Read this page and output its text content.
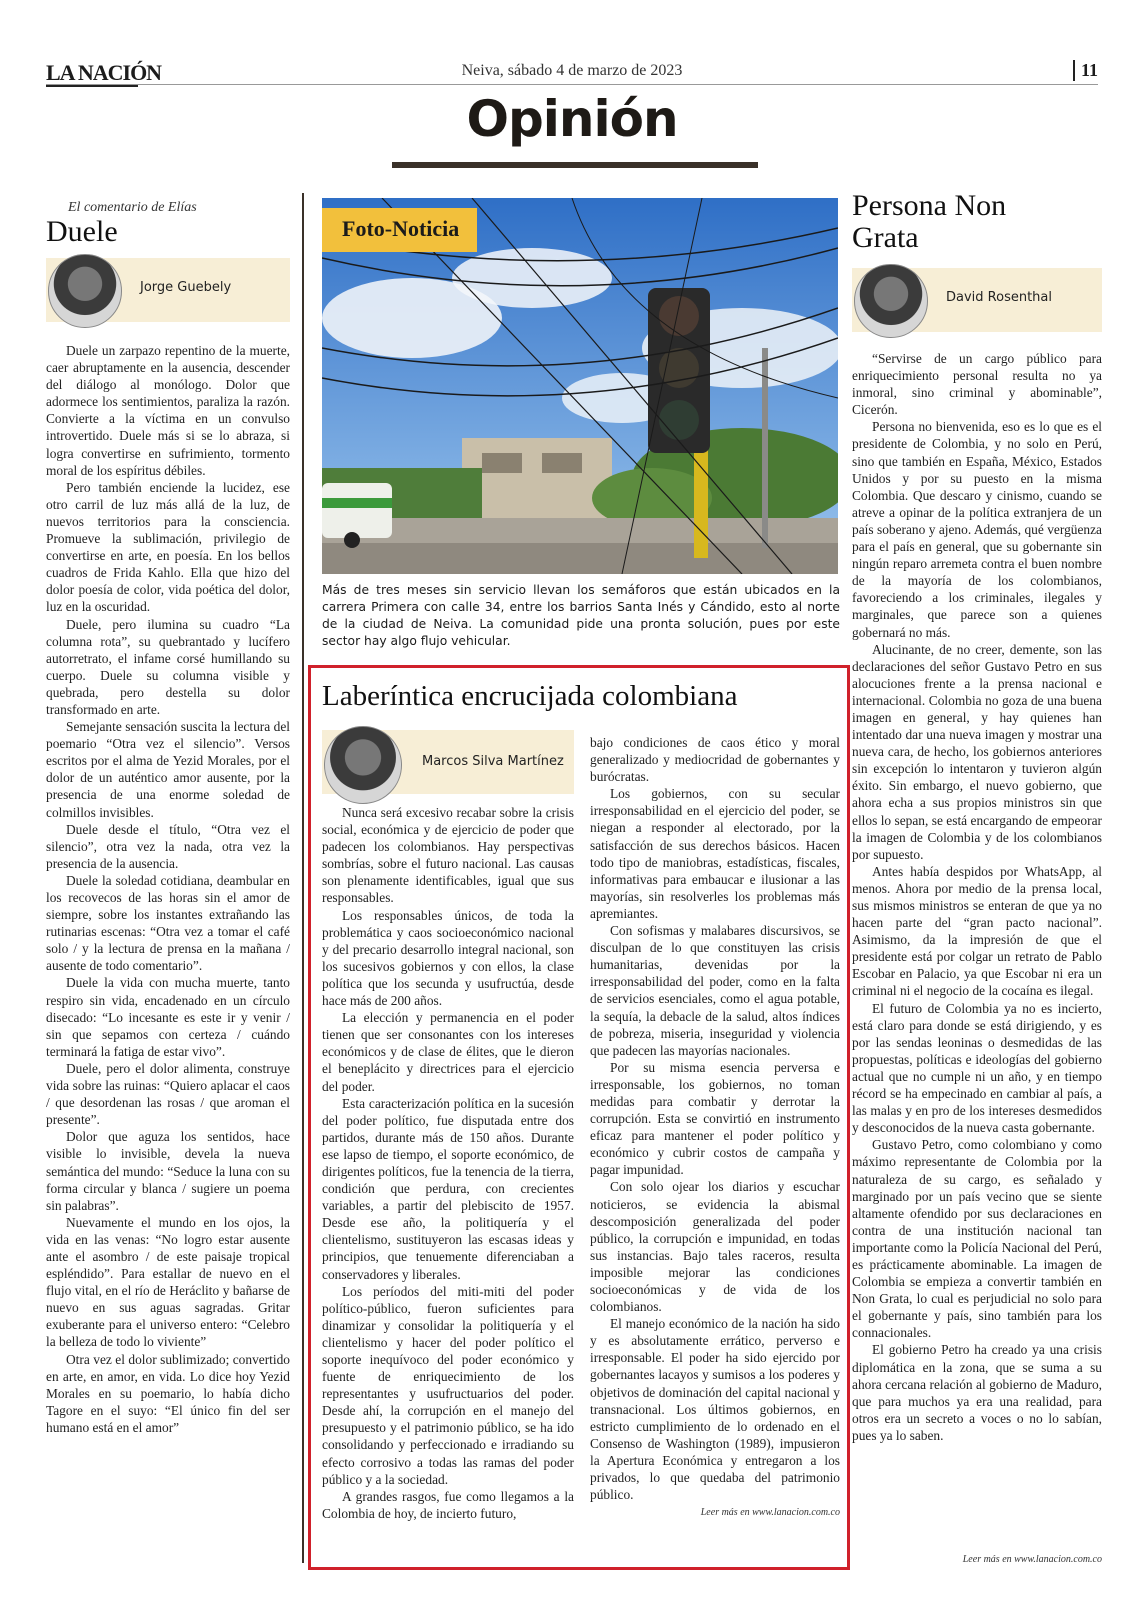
LA NACIÓN	Neiva, sábado 4 de marzo de 2023	11
Opinión
El comentario de Elías
Duele
Jorge Guebely

Duele un zarpazo repentino de la muerte, caer abruptamente en la ausencia, descender del diálogo al monólogo. Dolor que adormece los sentimientos, paraliza la razón. Convierte a la víctima en un convulso introvertido. Duele más si se lo abraza, si logra convertirse en sufrimiento, tormento moral de los espíritus débiles.

Pero también enciende la lucidez, ese otro carril de luz más allá de la luz, de nuevos territorios para la consciencia. Promueve la sublimación, privilegio de convertirse en arte, en poesía. En los bellos cuadros de Frida Kahlo. Ella que hizo del dolor poesía de color, vida poética del dolor, luz en la oscuridad.

Duele, pero ilumina su cuadro “La columna rota”, su quebrantado y lucífero autorretrato, el infame corsé humillando su cuerpo. Duele su columna visible y quebrada, pero destella su dolor transformado en arte.

Semejante sensación suscita la lectura del poemario “Otra vez el silencio”. Versos escritos por el alma de Yezid Morales, por el dolor de un auténtico amor ausente, por la presencia de una enorme soledad de colmillos invisibles.

Duele desde el título, “Otra vez el silencio”, otra vez la nada, otra vez la presencia de la ausencia.

Duele la soledad cotidiana, deambular en los recovecos de las horas sin el amor de siempre, sobre los instantes extrañando las rutinarias escenas: “Otra vez a tomar el café solo / y la lectura de prensa en la mañana / ausente de todo comentario”.

Duele la vida con mucha muerte, tanto respiro sin vida, encadenado en un círculo disecado: “Lo incesante es este ir y venir / sin que sepamos con certeza / cuándo terminará la fatiga de estar vivo”.

Duele, pero el dolor alimenta, construye vida sobre las ruinas: “Quiero aplacar el caos / que desordenan las rosas / que aroman el presente”.

Dolor que aguza los sentidos, hace visible lo invisible, devela la nueva semántica del mundo: “Seduce la luna con su forma circular y blanca / sugiere un poema sin palabras”.

Nuevamente el mundo en los ojos, la vida en las venas: “No logro estar ausente ante el asombro / de este paisaje tropical espléndido”. Para estallar de nuevo en el flujo vital, en el río de Heráclito y bañarse de nuevo en sus aguas sagradas. Gritar exuberante para el universo entero: “Celebro la belleza de todo lo viviente”

Otra vez el dolor sublimizado; convertido en arte, en amor, en vida. Lo dice hoy Yezid Morales en su poemario, lo había dicho Tagore en el suyo: “El único fin del ser humano está en el amor”

Foto-Noticia
Más de tres meses sin servicio llevan los semáforos que están ubicados en la carrera Primera con calle 34, entre los barrios Santa Inés y Cándido, esto al norte de la ciudad de Neiva. La comunidad pide una pronta solución, pues por este sector hay algo flujo vehicular.
Laberíntica encrucijada colombiana
Marcos Silva Martínez

Nunca será excesivo recabar sobre la crisis social, económica y de ejercicio de poder que padecen los colombianos. Hay perspectivas sombrías, sobre el futuro nacional. Las causas son plenamente identificables, igual que sus responsables.

Los responsables únicos, de toda la problemática y caos socioeconómico nacional y del precario desarrollo integral nacional, son los sucesivos gobiernos y con ellos, la clase política que los secunda y usufructúa, desde hace más de 200 años.

La elección y permanencia en el poder tienen que ser consonantes con los intereses económicos y de clase de élites, que le dieron el beneplácito y directrices para el ejercicio del poder.

Esta caracterización política en la sucesión del poder político, fue disputada entre dos partidos, durante más de 150 años. Durante ese lapso de tiempo, el soporte económico, de dirigentes políticos, fue la tenencia de la tierra, condición que perdura, con crecientes variables, a partir del plebiscito de 1957. Desde ese año, la politiquería y el clientelismo, sustituyeron las escasas ideas y principios, que tenuemente diferenciaban a conservadores y liberales.

Los períodos del miti-miti del poder político-público, fueron suficientes para dinamizar y consolidar la politiquería y el clientelismo y hacer del poder político el soporte inequívoco del poder económico y fuente de enriquecimiento de los representantes y usufructuarios del poder. Desde ahí, la corrupción en el manejo del presupuesto y el patrimonio público, se ha ido consolidando y perfeccionado e irradiando su efecto corrosivo a todas las ramas del poder público y a la sociedad.

A grandes rasgos, fue como llegamos a la Colombia de hoy, de incierto futuro,

bajo condiciones de caos ético y moral generalizado y mediocridad de gobernantes y burócratas.

Los gobiernos, con su secular irresponsabilidad en el ejercicio del poder, se niegan a responder al electorado, por la satisfacción de sus derechos básicos. Hacen todo tipo de maniobras, estadísticas, fiscales, informativas para embaucar e ilusionar a las mayorías, sin resolverles los problemas más apremiantes.

Con sofismas y malabares discursivos, se disculpan de lo que constituyen las crisis humanitarias, devenidas por la irresponsabilidad del poder, como en la falta de servicios esenciales, como el agua potable, la sequía, la debacle de la salud, altos índices de pobreza, miseria, inseguridad y violencia que padecen las mayorías nacionales.

Por su misma esencia perversa e irresponsable, los gobiernos, no toman medidas para combatir y derrotar la corrupción. Esta se convirtió en instrumento eficaz para mantener el poder político y económico y cubrir costos de campaña y pagar impunidad.

Con solo ojear los diarios y escuchar noticieros, se evidencia la abismal descomposición generalizada del poder público, la corrupción e impunidad, en todas sus instancias. Bajo tales raceros, resulta imposible mejorar las condiciones socioeconómicas y de vida de los colombianos.

El manejo económico de la nación ha sido y es absolutamente errático, perverso e irresponsable. El poder ha sido ejercido por gobernantes lacayos y sumisos a los poderes y objetivos de dominación del capital nacional y transnacional. Los últimos gobiernos, en estricto cumplimiento de lo ordenado en el Consenso de Washington (1989), impusieron la Apertura Económica y entregaron a los privados, lo que quedaba del patrimonio público.

Leer más en www.lanacion.com.co
Persona Non Grata
David Rosenthal

“Servirse de un cargo público para enriquecimiento personal resulta no ya inmoral, sino criminal y abominable”, Cicerón.

Persona no bienvenida, eso es lo que es el presidente de Colombia, y no solo en Perú, sino que también en España, México, Estados Unidos y por su puesto en la misma Colombia. Que descaro y cinismo, cuando se atreve a opinar de la política extranjera de un país soberano y ajeno. Además, qué vergüenza para el país en general, que su gobernante sin ningún reparo arremeta contra el buen nombre de la mayoría de los colombianos, favoreciendo a los criminales, ilegales y marginales, que parece son a quienes gobernará no más.

Alucinante, de no creer, demente, son las declaraciones del señor Gustavo Petro en sus alocuciones frente a la prensa nacional e internacional. Colombia no goza de una buena imagen en general, y hay quienes han intentado dar una nueva imagen y mostrar una nueva cara, de hecho, los gobiernos anteriores sin excepción lo intentaron y tuvieron algún éxito. Sin embargo, el nuevo gobierno, que ahora echa a sus propios ministros sin que ellos lo sepan, se está encargando de empeorar la imagen de Colombia y de los colombianos por supuesto.

Antes había despidos por WhatsApp, al menos. Ahora por medio de la prensa local, sus mismos ministros se enteran de que ya no hacen parte del “gran pacto nacional”. Asimismo, da la impresión de que el presidente está por colgar un retrato de Pablo Escobar en Palacio, ya que Escobar ni era un criminal ni el negocio de la cocaína es ilegal.

El futuro de Colombia ya no es incierto, está claro para donde se está dirigiendo, y es por las sendas leoninas o desmedidas de las propuestas, políticas e ideologías del gobierno actual que no cumple ni un año, y en tiempo récord se ha empecinado en cambiar al país, a las malas y en pro de los intereses desmedidos y desconocidos de la nueva casta gobernante.

Gustavo Petro, como colombiano y como máximo representante de Colombia por la naturaleza de su cargo, es señalado y marginado por un país vecino que se siente altamente ofendido por sus declaraciones en contra de una institución nacional tan importante como la Policía Nacional del Perú, es prácticamente abominable. La imagen de Colombia se empieza a convertir también en Non Grata, lo cual es perjudicial no solo para el gobernante y país, sino también para los connacionales.

El gobierno Petro ha creado ya una crisis diplomática en la zona, que se suma a su ahora cercana relación al gobierno de Maduro, que para muchos ya era una realidad, para otros era un secreto a voces o no lo sabían, pues ya lo saben.

Leer más en www.lanacion.com.co
